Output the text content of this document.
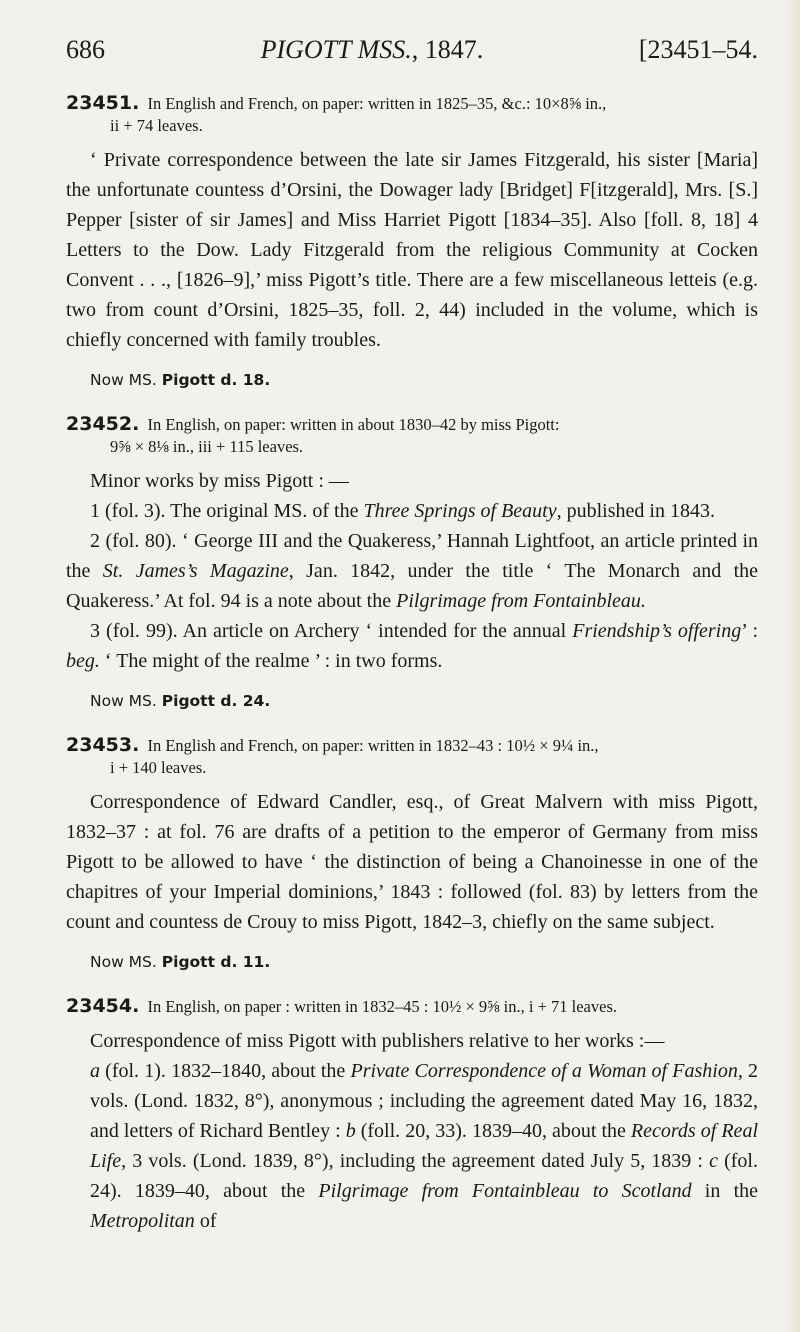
686	PIGOTT MSS., 1847.	[23451–54.
23451. In English and French, on paper: written in 1825–35, &c.: 10×8⅝ in.,
ii + 74 leaves.

‘ Private correspondence between the late sir James Fitzgerald, his sister [Maria] the unfortunate countess d’Orsini, the Dowager lady [Bridget] F[itzgerald], Mrs. [S.] Pepper [sister of sir James] and Miss Harriet Pigott [1834–35]. Also [foll. 8, 18] 4 Letters to the Dow. Lady Fitzgerald from the religious Community at Cocken Convent . . ., [1826–9],’ miss Pigott’s title. There are a few miscellaneous letteis (e.g. two from count d’Orsini, 1825–35, foll. 2, 44) included in the volume, which is chiefly concerned with family troubles.

Now MS. Pigott d. 18.
23452. In English, on paper: written in about 1830–42 by miss Pigott:
9⅝ × 8⅛ in., iii + 115 leaves.

Minor works by miss Pigott : —

1 (fol. 3). The original MS. of the Three Springs of Beauty, published in 1843.

2 (fol. 80). ‘ George III and the Quakeress,’ Hannah Lightfoot, an article printed in the St. James’s Magazine, Jan. 1842, under the title ‘ The Monarch and the Quakeress.’ At fol. 94 is a note about the Pilgrimage from Fontainbleau.

3 (fol. 99). An article on Archery ‘ intended for the annual Friendship’s offering’ : beg. ‘ The might of the realme ’ : in two forms.

Now MS. Pigott d. 24.
23453. In English and French, on paper: written in 1832–43 : 10½ × 9¼ in.,
i + 140 leaves.

Correspondence of Edward Candler, esq., of Great Malvern with miss Pigott, 1832–37 : at fol. 76 are drafts of a petition to the emperor of Germany from miss Pigott to be allowed to have ‘ the distinction of being a Chanoinesse in one of the chapitres of your Imperial dominions,’ 1843 : followed (fol. 83) by letters from the count and countess de Crouy to miss Pigott, 1842–3, chiefly on the same subject.

Now MS. Pigott d. 11.
23454. In English, on paper : written in 1832–45 : 10½ × 9⅝ in., i + 71 leaves.

Correspondence of miss Pigott with publishers relative to her works :—

a (fol. 1). 1832–1840, about the Private Correspondence of a Woman of Fashion, 2 vols. (Lond. 1832, 8°), anonymous ; including the agreement dated May 16, 1832, and letters of Richard Bentley : b (foll. 20, 33). 1839–40, about the Records of Real Life, 3 vols. (Lond. 1839, 8°), including the agreement dated July 5, 1839 : c (fol. 24). 1839–40, about the Pilgrimage from Fontainbleau to Scotland in the Metropolitan of
